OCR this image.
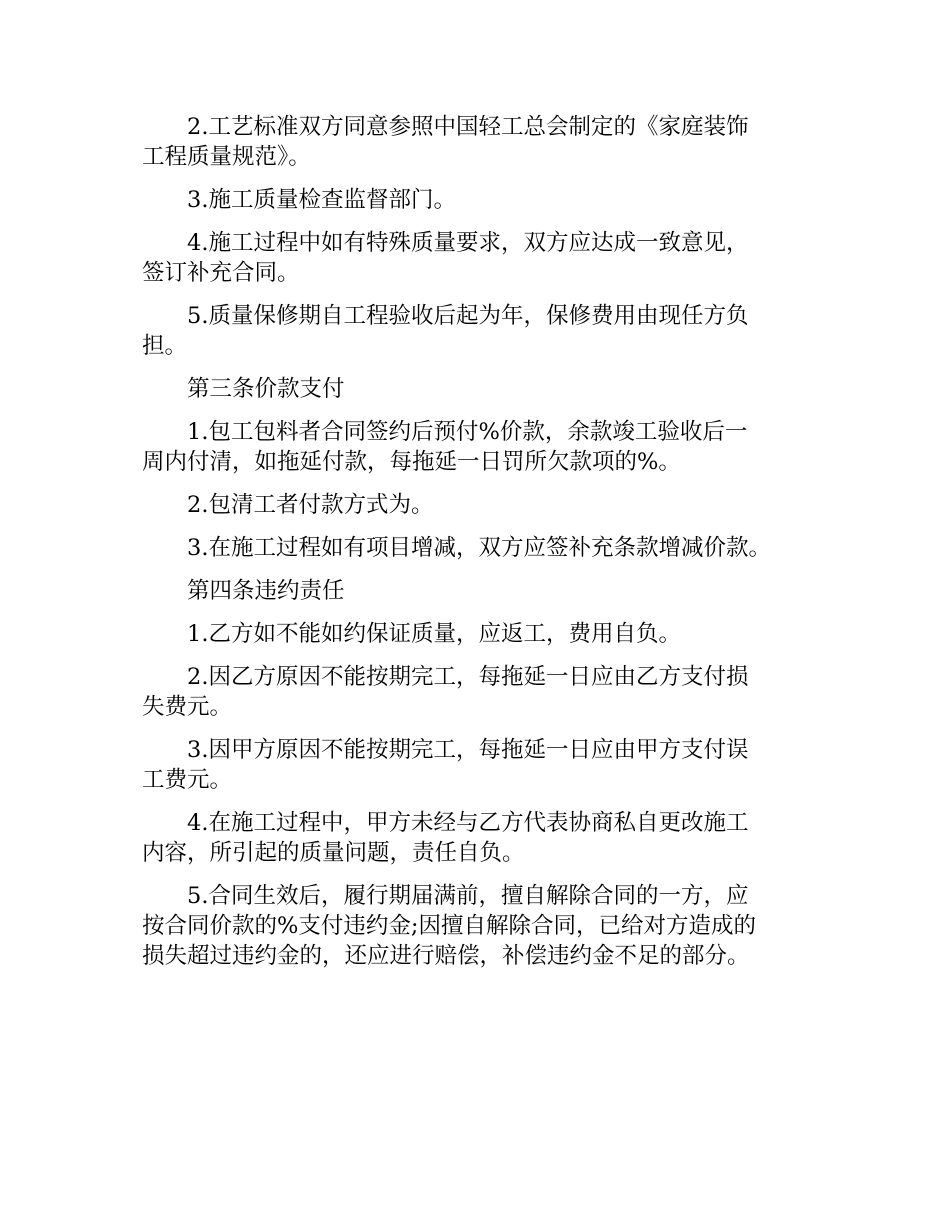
2.工艺标准双方同意参照中国轻工总会制定的《家庭装饰
工程质量规范》。

3.施工质量检查监督部门。

4.施工过程中如有特殊质量要求，双方应达成一致意见，
签订补充合同。

5.质量保修期自工程验收后起为年，保修费用由现任方负
担。

第三条价款支付

1.包工包料者合同签约后预付%价款，余款竣工验收后一
周内付清，如拖延付款，每拖延一日罚所欠款项的%。

2.包清工者付款方式为。

3.在施工过程如有项目增减，双方应签补充条款增减价款。

第四条违约责任

1.乙方如不能如约保证质量，应返工，费用自负。

2.因乙方原因不能按期完工，每拖延一日应由乙方支付损
失费元。

3.因甲方原因不能按期完工，每拖延一日应由甲方支付误
工费元。

4.在施工过程中，甲方未经与乙方代表协商私自更改施工
内容，所引起的质量问题，责任自负。

5.合同生效后，履行期届满前，擅自解除合同的一方，应
按合同价款的%支付违约金;因擅自解除合同，已给对方造成的
损失超过违约金的，还应进行赔偿，补偿违约金不足的部分。
